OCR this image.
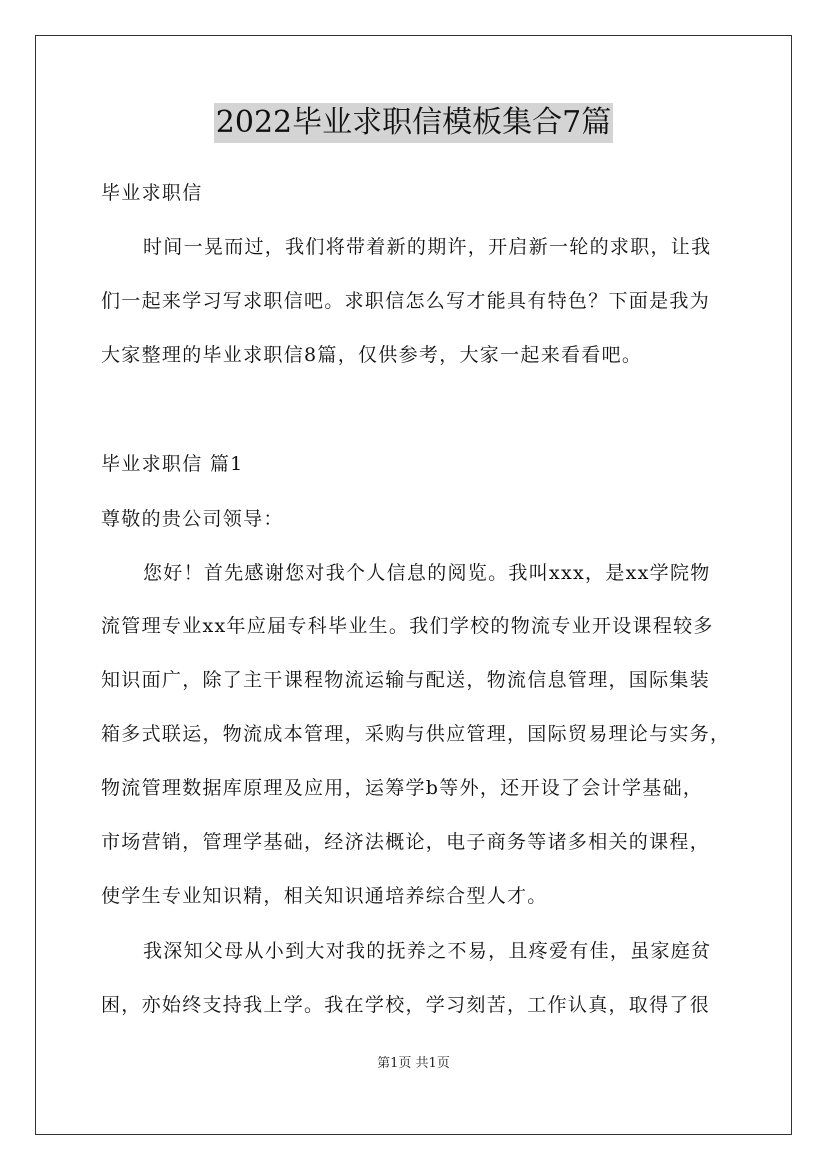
2022毕业求职信模板集合7篇
毕业求职信
时间一晃而过，我们将带着新的期许，开启新一轮的求职，让我
们一起来学习写求职信吧。求职信怎么写才能具有特色？下面是我为
大家整理的毕业求职信8篇，仅供参考，大家一起来看看吧。
毕业求职信 篇1
尊敬的贵公司领导：
您好！首先感谢您对我个人信息的阅览。我叫xxx，是xx学院物
流管理专业xx年应届专科毕业生。我们学校的物流专业开设课程较多
知识面广，除了主干课程物流运输与配送，物流信息管理，国际集装
箱多式联运，物流成本管理，采购与供应管理，国际贸易理论与实务，
物流管理数据库原理及应用，运筹学b等外，还开设了会计学基础，
市场营销，管理学基础，经济法概论，电子商务等诸多相关的课程，
使学生专业知识精，相关知识通培养综合型人才。
我深知父母从小到大对我的抚养之不易，且疼爱有佳，虽家庭贫
困，亦始终支持我上学。我在学校，学习刻苦，工作认真，取得了很
第1页 共1页
